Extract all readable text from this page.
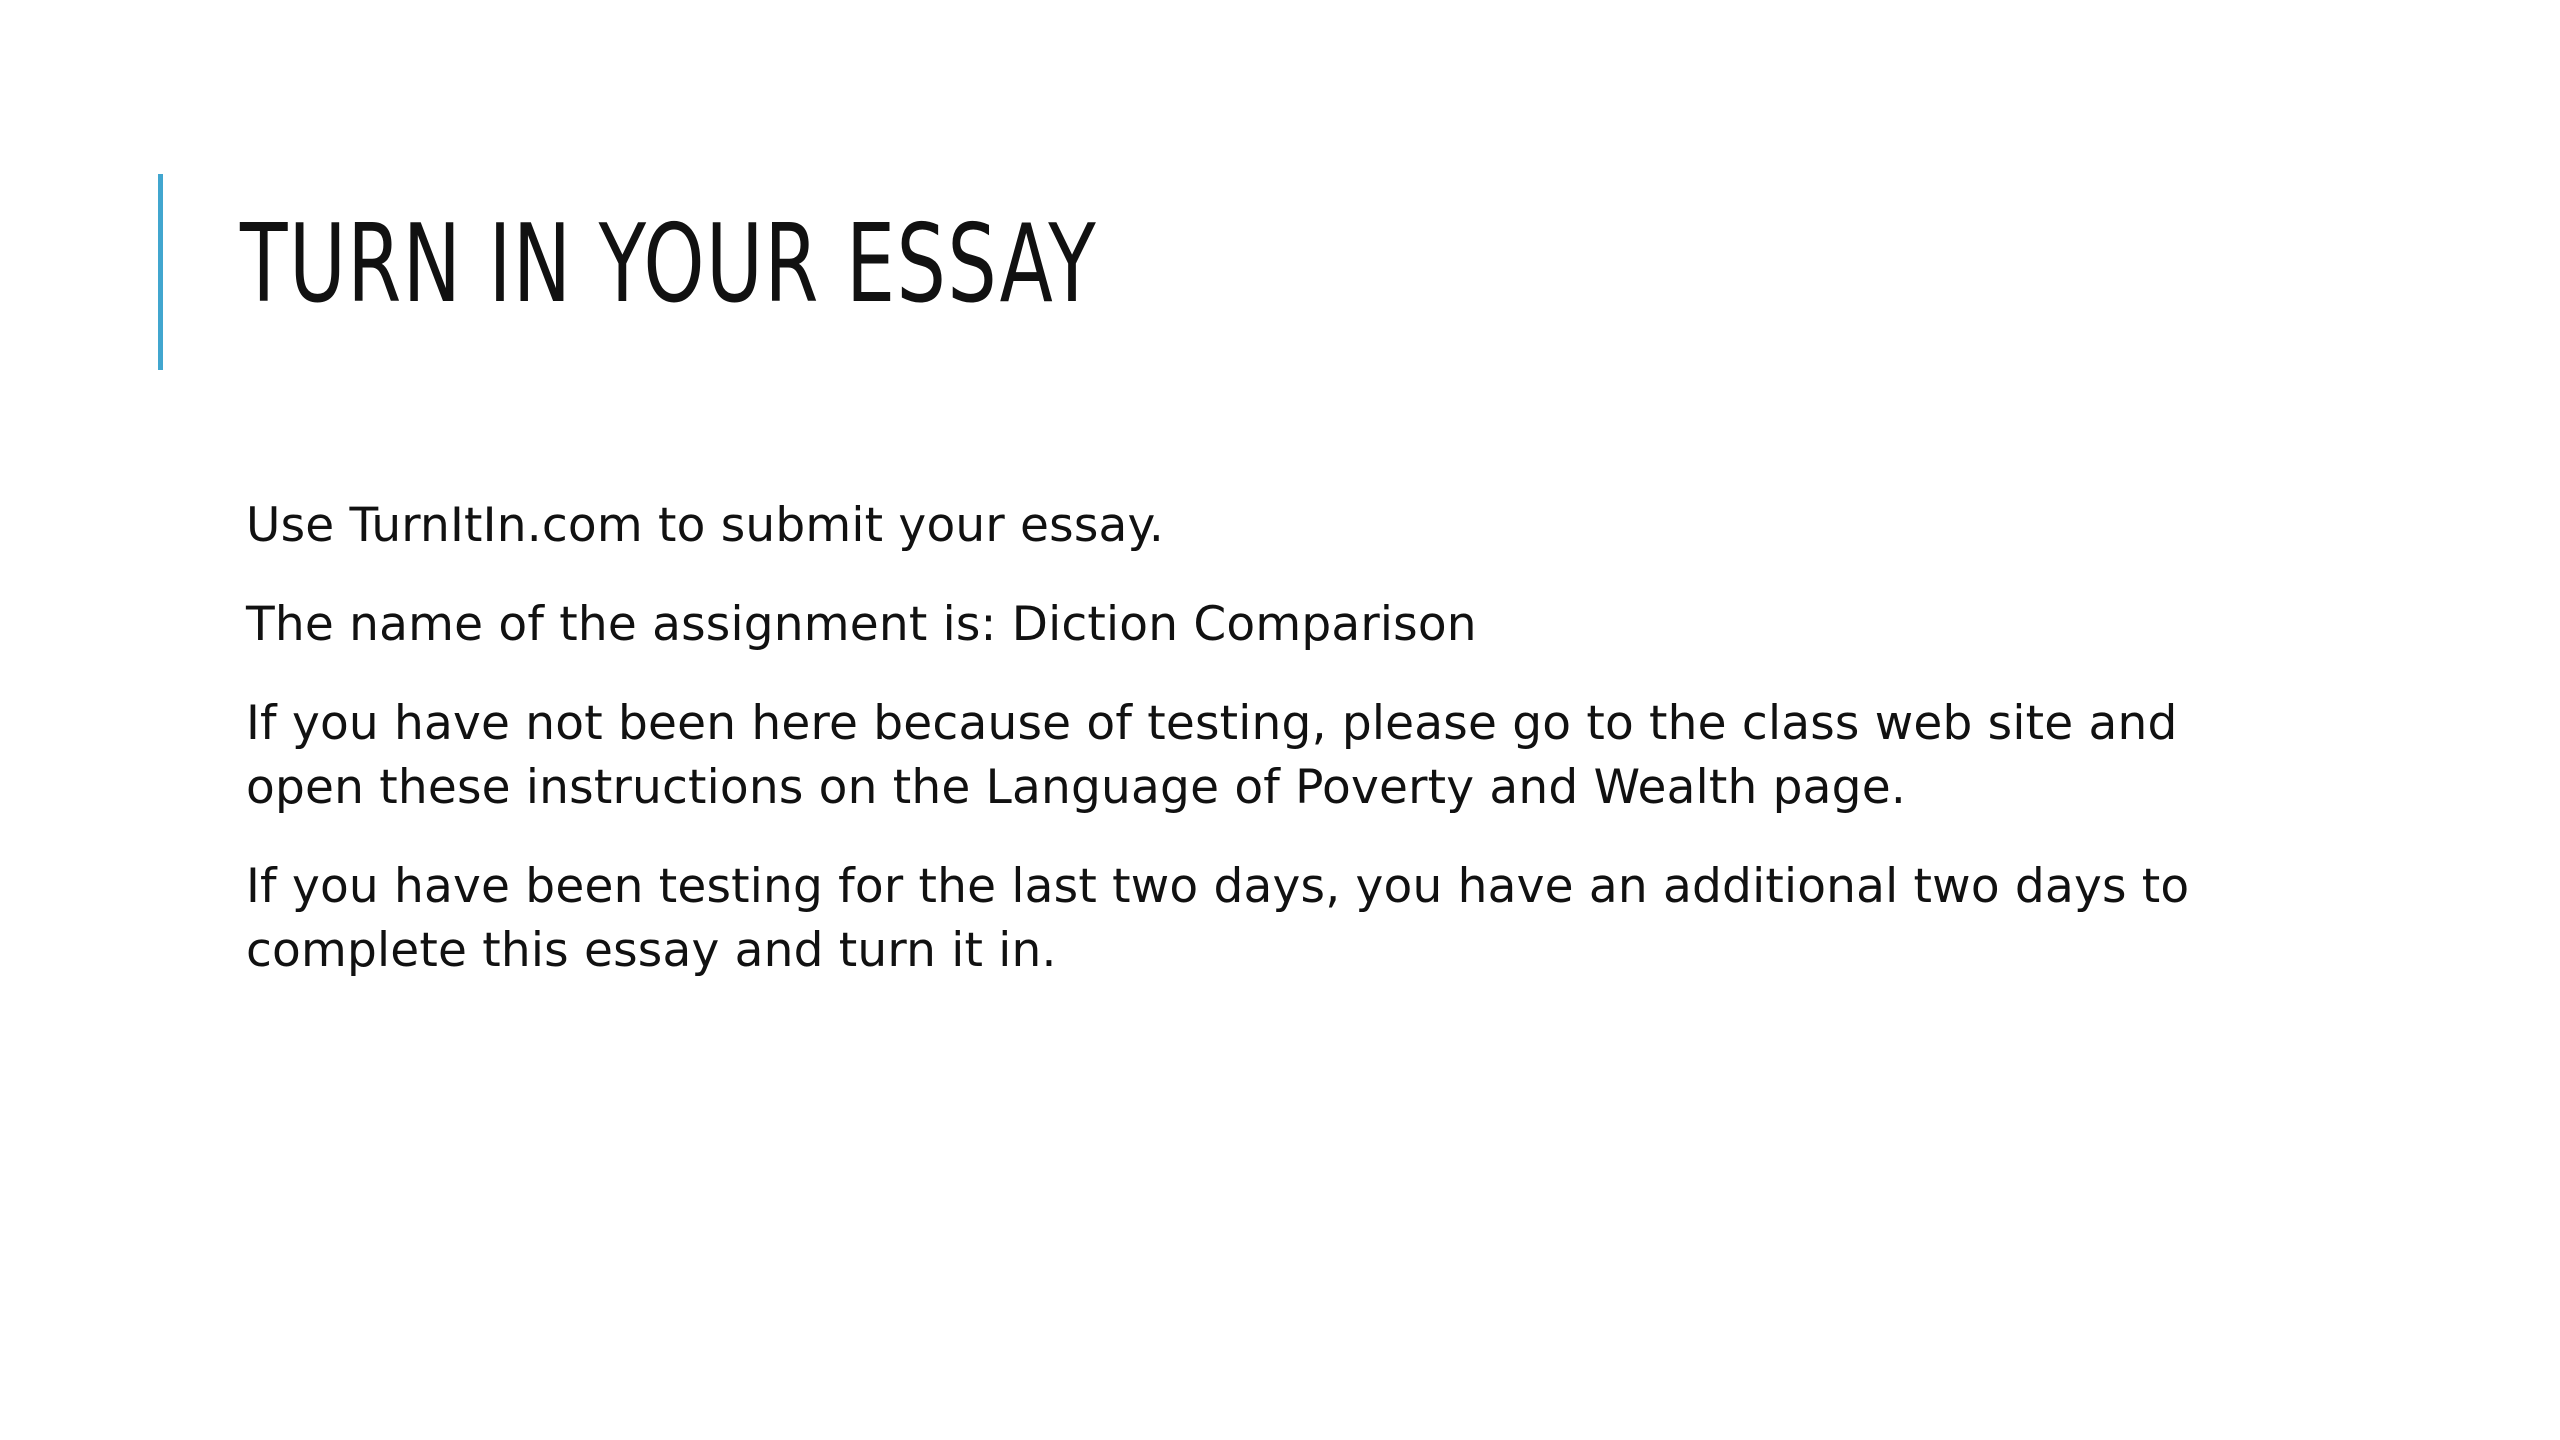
TURN IN YOUR ESSAY

Use TurnItIn.com to submit your essay.

The name of the assignment is: Diction Comparison

If you have not been here because of testing, please go to the class web site and open these instructions on the Language of Poverty and Wealth page.

If you have been testing for the last two days, you have an additional two days to complete this essay and turn it in.
